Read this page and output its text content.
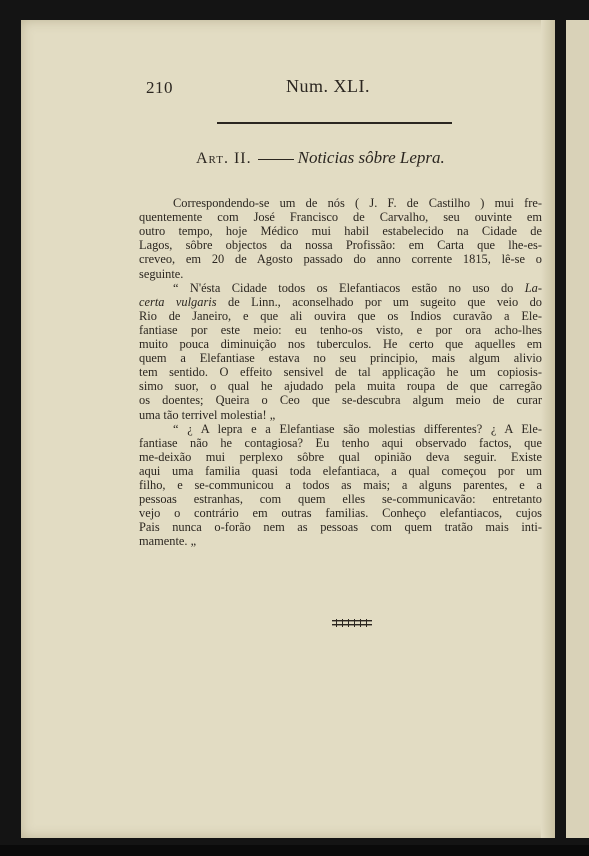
210	Num. XLI.
Art. II.	Noticias sôbre Lepra.
Correspondendo-se um de nós ( J. F. de Castilho ) mui fre-
quentemente com José Francisco de Carvalho, seu ouvinte em
outro tempo, hoje Médico mui habil estabelecido na Cidade de
Lagos, sôbre objectos da nossa Profissão: em Carta que lhe-es-
creveo, em 20 de Agosto passado do anno corrente 1815, lê-se o
seguinte.
“ N'ésta Cidade todos os Elefantiacos estão no uso do La-
certa vulgaris de Linn., aconselhado por um sugeito que veio do
Rio de Janeiro, e que ali ouvira que os Indios curavão a Ele-
fantiase por este meio: eu tenho-os visto, e por ora acho-lhes
muito pouca diminuição nos tuberculos. He certo que aquelles em
quem a Elefantiase estava no seu principio, mais algum alivio
tem sentido. O effeito sensivel de tal applicação he um copiosis-
simo suor, o qual he ajudado pela muita roupa de que carregão
os doentes; Queira o Ceo que se-descubra algum meio de curar
uma tão terrivel molestia! „
“ ¿ A lepra e a Elefantiase são molestias differentes? ¿ A Ele-
fantiase não he contagiosa? Eu tenho aqui observado factos, que
me-deixão mui perplexo sôbre qual opinião deva seguir. Existe
aqui uma familia quasi toda elefantiaca, a qual começou por um
filho, e se-communicou a todos as mais; a alguns parentes, e a
pessoas estranhas, com quem elles se-communicavão: entretanto
vejo o contrário em outras familias. Conheço elefantiacos, cujos
Pais nunca o-forão nem as pessoas com quem tratão mais inti-
mamente. „
